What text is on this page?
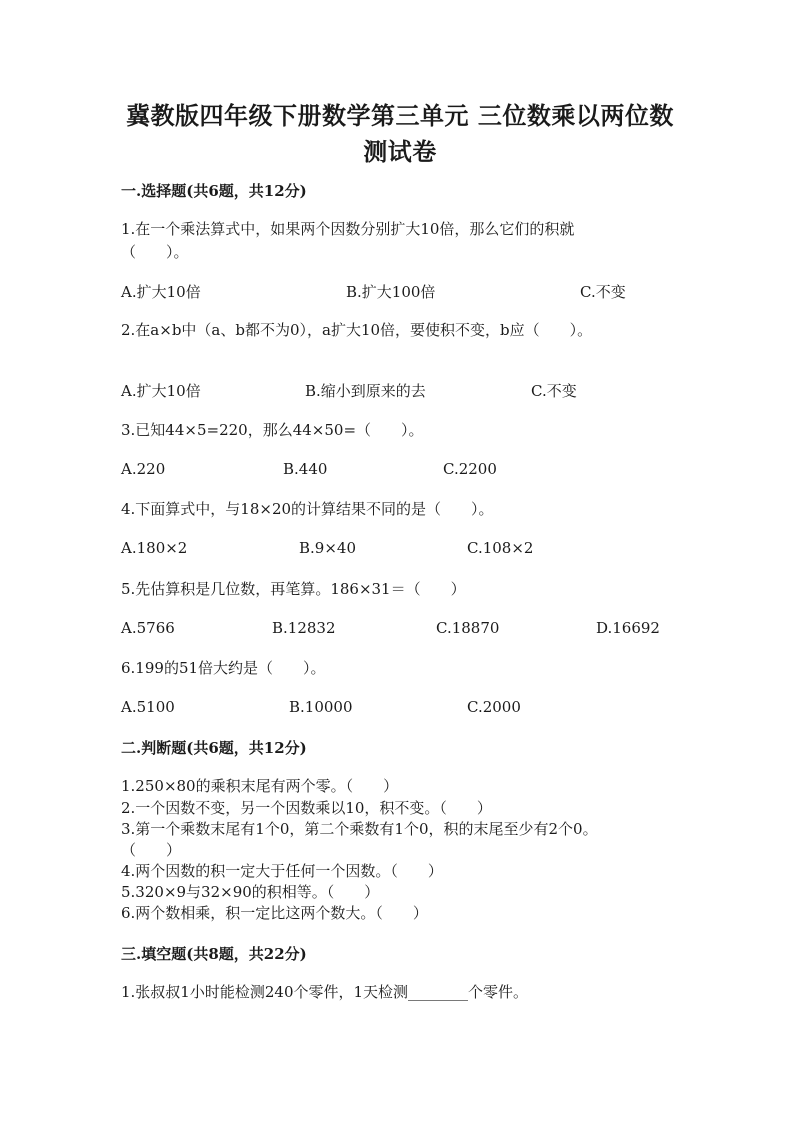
冀教版四年级下册数学第三单元 三位数乘以两位数
测试卷
一.选择题(共6题，共12分)
1.在一个乘法算式中，如果两个因数分别扩大10倍，那么它们的积就
（　　）。
A.扩大10倍	B.扩大100倍	C.不变
2.在a×b中（a、b都不为0），a扩大10倍，要使积不变，b应（　　）。
A.扩大10倍	B.缩小到原来的去	C.不变
3.已知44×5=220，那么44×50=（　　）。
A.220	B.440	C.2200
4.下面算式中，与18×20的计算结果不同的是（　　）。
A.180×2	B.9×40	C.108×2
5.先估算积是几位数，再笔算。186×31＝（　　）
A.5766	B.12832	C.18870	D.16692
6.199的51倍大约是（　　）。
A.5100	B.10000	C.2000
二.判断题(共6题，共12分)
1.250×80的乘积末尾有两个零。（　　）
2.一个因数不变，另一个因数乘以10，积不变。（　　）
3.第一个乘数末尾有1个0，第二个乘数有1个0，积的末尾至少有2个0。
（　　）
4.两个因数的积一定大于任何一个因数。（　　）
5.320×9与32×90的积相等。（　　）
6.两个数相乘，积一定比这两个数大。（　　）
三.填空题(共8题，共22分)
1.张叔叔1小时能检测240个零件，1天检测________个零件。
